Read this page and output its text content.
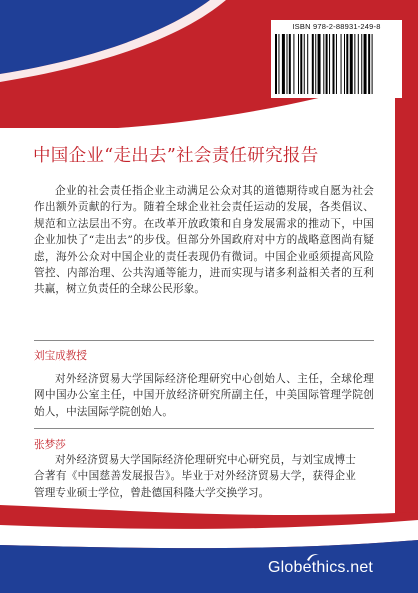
ISBN 978-2-88931-249-8
中国企业“走出去”社会责任研究报告

企业的社会责任指企业主动满足公众对其的道德期待或自愿为社会作出额外贡献的行为。随着全球企业社会责任运动的发展，各类倡议、规范和立法层出不穷。在改革开放政策和自身发展需求的推动下，中国企业加快了“走出去”的步伐。但部分外国政府对中方的战略意图尚有疑虑，海外公众对中国企业的责任表现仍有微词。中国企业亟须提高风险管控、内部治理、公共沟通等能力，进而实现与诸多利益相关者的互利共赢，树立负责任的全球公民形象。

刘宝成教授

对外经济贸易大学国际经济伦理研究中心创始人、主任，全球伦理网中国办公室主任，中国开放经济研究所副主任，中美国际管理学院创始人，中法国际学院创始人。

张梦莎

对外经济贸易大学国际经济伦理研究中心研究员，与刘宝成博士合著有《中国慈善发展报告》。毕业于对外经济贸易大学，获得企业管理专业硕士学位，曾赴德国科隆大学交换学习。

Globethics.net
